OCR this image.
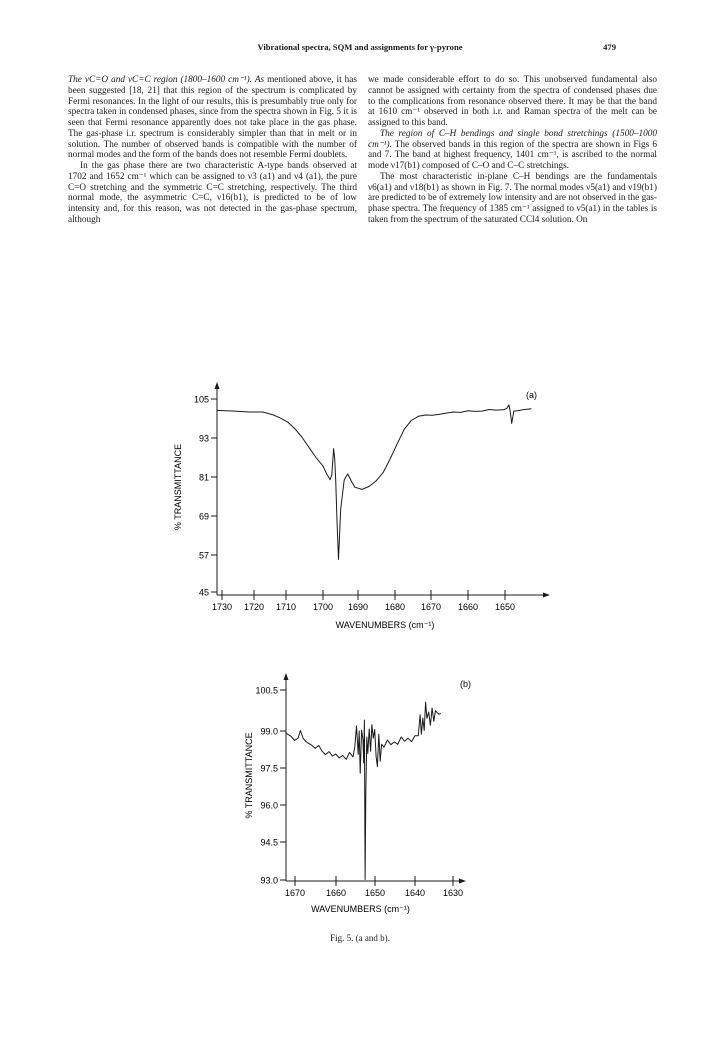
Vibrational spectra, SQM and assignments for γ-pyrone	479

The νC=O and νC=C region (1800–1600 cm⁻¹). As mentioned above, it has been suggested [18, 21] that this region of the spectrum is complicated by Fermi resonances. In the light of our results, this is presumbably true only for spectra taken in condensed phases, since from the spectra shown in Fig. 5 it is seen that Fermi resonance apparently does not take place in the gas phase. The gas-phase i.r. spectrum is considerably simpler than that in melt or in solution. The number of observed bands is compatible with the number of normal modes and the form of the bands does not resemble Fermi doublets.

In the gas phase there are two characteristic A-type bands observed at 1702 and 1652 cm⁻¹ which can be assigned to ν3 (a1) and ν4 (a1), the pure C=O stretching and the symmetric C=C stretching, respectively. The third normal mode, the asymmetric C=C, ν16(b1), is predicted to be of low intensity and, for this reason, was not detected in the gas-phase spectrum, although

we made considerable effort to do so. This unobserved fundamental also cannot be assigned with certainty from the spectra of condensed phases due to the complications from resonance observed there. It may be that the band at 1610 cm⁻¹ observed in both i.r. and Raman spectra of the melt can be assigned to this band.

The region of C–H bendings and single bond stretchings (1500–1000 cm⁻¹). The observed bands in this region of the spectra are shown in Figs 6 and 7. The band at highest frequency, 1401 cm⁻¹, is ascribed to the normal mode ν17(b1) composed of C–O and C–C stretchings.

The most characteristic in-plane C–H bendings are the fundamentals ν6(a1) and ν18(b1) as shown in Fig. 7. The normal modes ν5(a1) and ν19(b1) are predicted to be of extremely low intensity and are not observed in the gas-phase spectra. The frequency of 1385 cm⁻¹ assigned to ν5(a1) in the tables is taken from the spectrum of the saturated CCl4 solution. On

105
93
81
69
57
45
1730 1720 1710 1700 1690 1680 1670 1660 1650
WAVENUMBERS (cm⁻¹)
% TRANSMITTANCE
(a)
100.5
99.0
97.5
96.0
94.5
93.0
1670 1660 1650 1640 1630
WAVENUMBERS (cm⁻¹)
% TRANSMITTANCE
(b)
Fig. 5. (a and b).
